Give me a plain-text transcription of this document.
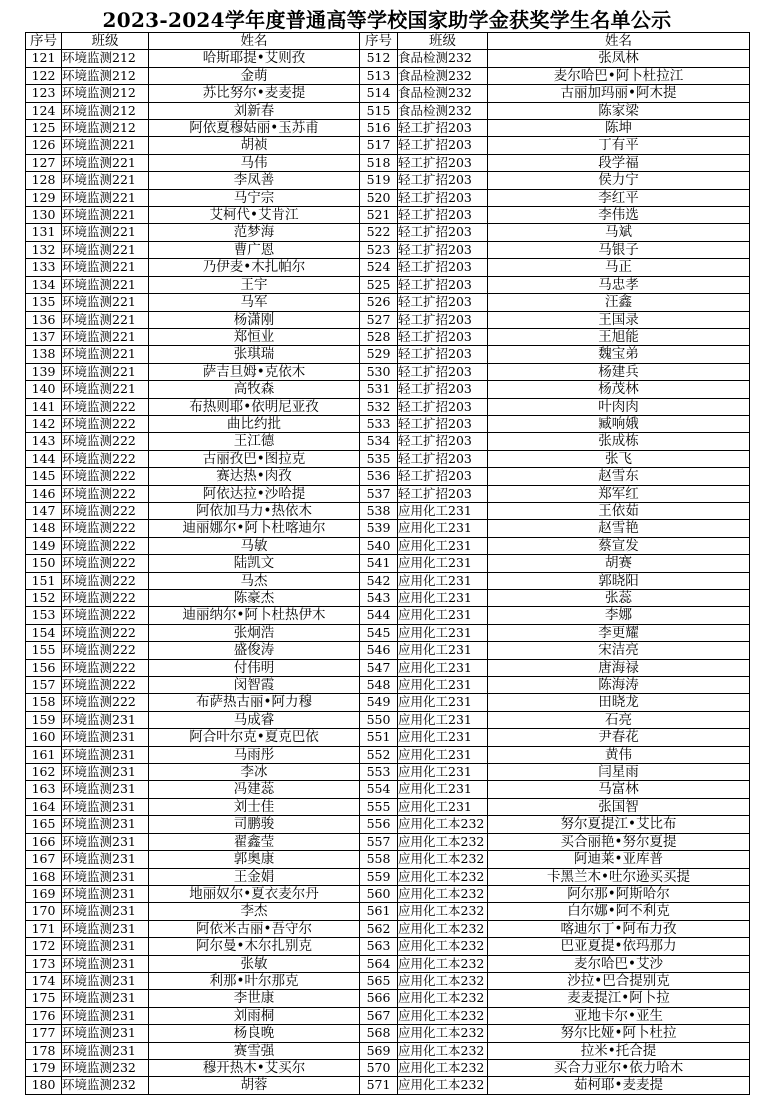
2023-2024学年度普通高等学校国家助学金获奖学生名单公示
序号	班级	姓名	序号	班级	姓名
121	环境监测212	哈斯耶提•艾则孜	512	食品检测232	张凤林
122	环境监测212	金萌	513	食品检测232	麦尔哈巴•阿卜杜拉江
123	环境监测212	苏比努尔•麦麦提	514	食品检测232	古丽加玛丽•阿木提
124	环境监测212	刘新春	515	食品检测232	陈家梁
125	环境监测212	阿依夏穆姑丽•玉苏甫	516	轻工扩招203	陈坤
126	环境监测221	胡祯	517	轻工扩招203	丁有平
127	环境监测221	马伟	518	轻工扩招203	段学福
128	环境监测221	李凤善	519	轻工扩招203	侯力宁
129	环境监测221	马宁宗	520	轻工扩招203	李红平
130	环境监测221	艾柯代•艾肯江	521	轻工扩招203	李伟选
131	环境监测221	范梦海	522	轻工扩招203	马斌
132	环境监测221	曹广恩	523	轻工扩招203	马银子
133	环境监测221	乃伊麦•木扎帕尔	524	轻工扩招203	马正
134	环境监测221	王宇	525	轻工扩招203	马忠孝
135	环境监测221	马军	526	轻工扩招203	汪鑫
136	环境监测221	杨潇刚	527	轻工扩招203	王国录
137	环境监测221	郑恒业	528	轻工扩招203	王旭能
138	环境监测221	张琪瑞	529	轻工扩招203	魏宝弟
139	环境监测221	萨吉旦姆•克依木	530	轻工扩招203	杨建兵
140	环境监测221	高牧森	531	轻工扩招203	杨茂林
141	环境监测222	布热则耶•依明尼亚孜	532	轻工扩招203	叶肉肉
142	环境监测222	曲比约批	533	轻工扩招203	臧响娥
143	环境监测222	王江德	534	轻工扩招203	张成栋
144	环境监测222	古丽孜巴•图拉克	535	轻工扩招203	张飞
145	环境监测222	赛达热•肉孜	536	轻工扩招203	赵雪东
146	环境监测222	阿依达拉•沙哈提	537	轻工扩招203	郑军红
147	环境监测222	阿依加马力•热依木	538	应用化工231	王依茹
148	环境监测222	迪丽娜尔•阿卜杜喀迪尔	539	应用化工231	赵雪艳
149	环境监测222	马敏	540	应用化工231	蔡宣发
150	环境监测222	陆凯文	541	应用化工231	胡赛
151	环境监测222	马杰	542	应用化工231	郭晓阳
152	环境监测222	陈豪杰	543	应用化工231	张蕊
153	环境监测222	迪丽纳尔•阿卜杜热伊木	544	应用化工231	李娜
154	环境监测222	张炯浩	545	应用化工231	李更耀
155	环境监测222	盛俊涛	546	应用化工231	宋洁亮
156	环境监测222	付伟明	547	应用化工231	唐海禄
157	环境监测222	闵智霞	548	应用化工231	陈海涛
158	环境监测222	布萨热古丽•阿力穆	549	应用化工231	田晓龙
159	环境监测231	马成睿	550	应用化工231	石亮
160	环境监测231	阿合叶尔克•夏克巴依	551	应用化工231	尹春花
161	环境监测231	马雨彤	552	应用化工231	黄伟
162	环境监测231	李冰	553	应用化工231	闫星雨
163	环境监测231	冯建蕊	554	应用化工231	马富林
164	环境监测231	刘士佳	555	应用化工231	张国智
165	环境监测231	司鹏骏	556	应用化工本232	努尔夏提江•艾比布
166	环境监测231	翟鑫莹	557	应用化工本232	买合丽艳•努尔夏提
167	环境监测231	郭奥康	558	应用化工本232	阿迪莱•亚库普
168	环境监测231	王金娟	559	应用化工本232	卡黑兰木•吐尔逊买买提
169	环境监测231	地丽奴尔•夏衣麦尔丹	560	应用化工本232	阿尔那•阿斯哈尔
170	环境监测231	李杰	561	应用化工本232	白尔娜•阿不利克
171	环境监测231	阿依米古丽•吾守尔	562	应用化工本232	喀迪尔丁•阿布力孜
172	环境监测231	阿尔曼•木尔扎别克	563	应用化工本232	巴亚夏提•依玛那力
173	环境监测231	张敏	564	应用化工本232	麦尔哈巴•艾沙
174	环境监测231	利那•叶尔那克	565	应用化工本232	沙拉•巴合提别克
175	环境监测231	李世康	566	应用化工本232	麦麦提江•阿卜拉
176	环境监测231	刘雨桐	567	应用化工本232	亚地卡尔•亚生
177	环境监测231	杨良晚	568	应用化工本232	努尔比娅•阿卜杜拉
178	环境监测231	赛雪强	569	应用化工本232	拉米•托合提
179	环境监测232	穆开热木•艾买尔	570	应用化工本232	买合力亚尔•依力哈木
180	环境监测232	胡蓉	571	应用化工本232	茹柯耶•麦麦提
